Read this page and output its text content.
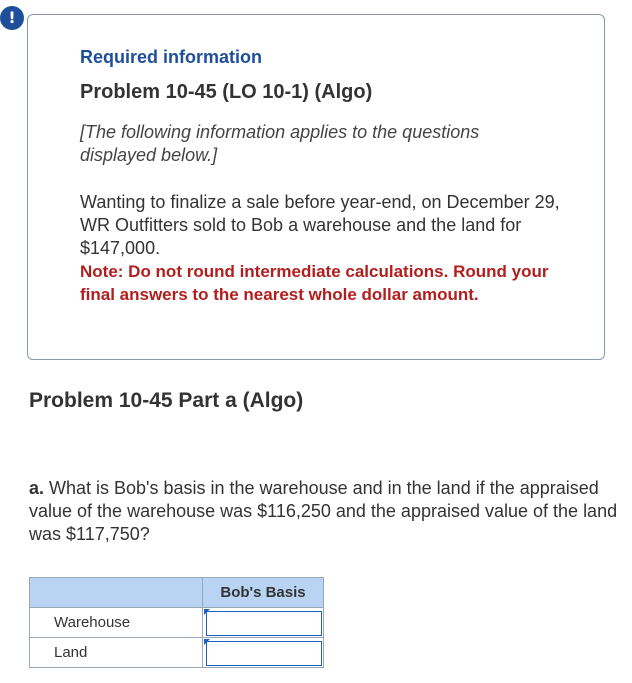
!

Required information

Problem 10-45 (LO 10-1) (Algo)

[The following information applies to the questions displayed below.]

Wanting to finalize a sale before year-end, on December 29, WR Outfitters sold to Bob a warehouse and the land for $147,000.

Note: Do not round intermediate calculations. Round your final answers to the nearest whole dollar amount.

Problem 10-45 Part a (Algo)

a. What is Bob's basis in the warehouse and in the land if the appraised value of the warehouse was $116,250 and the appraised value of the land was $117,750?

	Bob's Basis
Warehouse	

Land	
